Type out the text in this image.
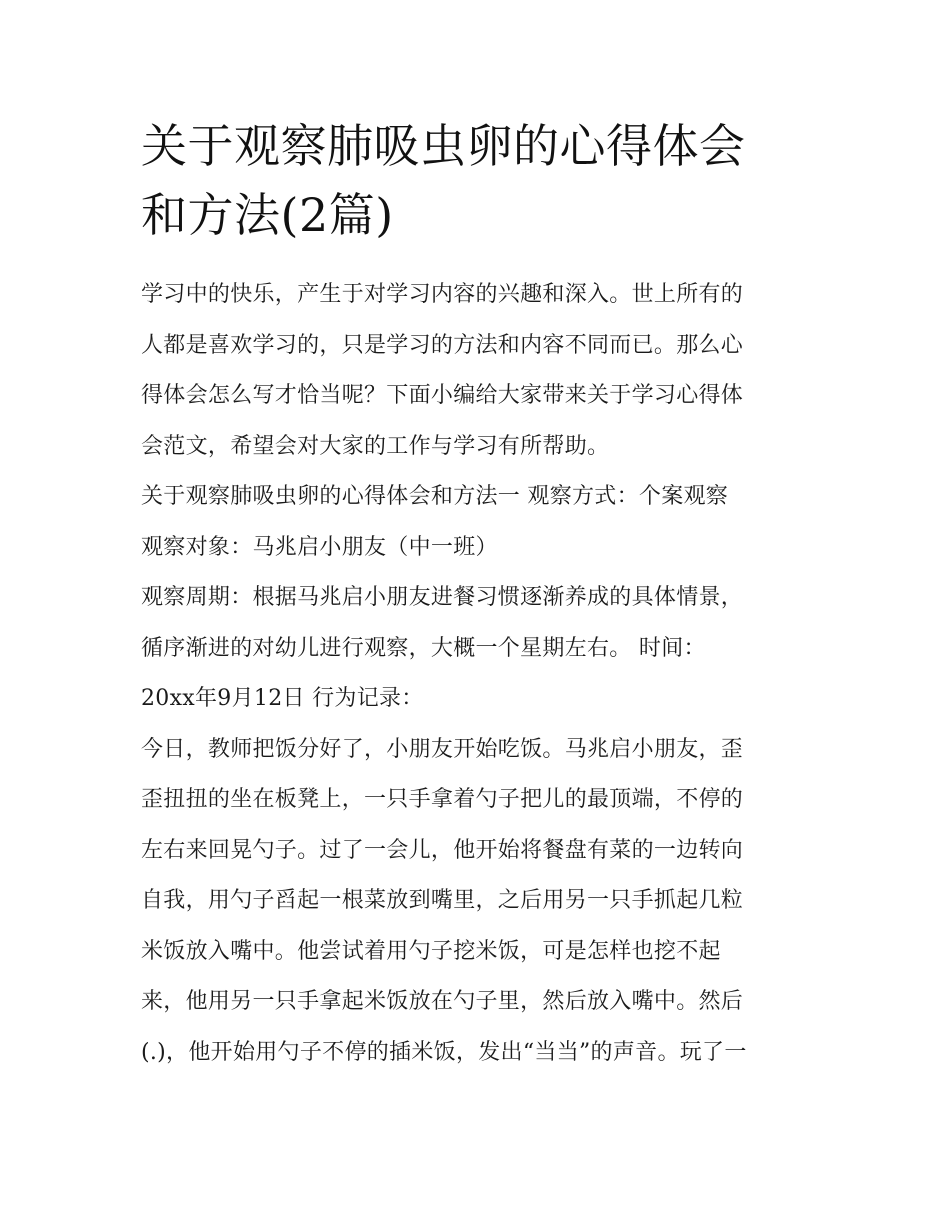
关于观察肺吸虫卵的心得体会
和方法(2篇)

学习中的快乐，产生于对学习内容的兴趣和深入。世上所有的
人都是喜欢学习的，只是学习的方法和内容不同而已。那么心
得体会怎么写才恰当呢？下面小编给大家带来关于学习心得体
会范文，希望会对大家的工作与学习有所帮助。

关于观察肺吸虫卵的心得体会和方法一 观察方式：个案观察

观察对象：马兆启小朋友（中一班）

观察周期：根据马兆启小朋友进餐习惯逐渐养成的具体情景，
循序渐进的对幼儿进行观察，大概一个星期左右。 时间：
20xx年9月12日 行为记录：

今日，教师把饭分好了，小朋友开始吃饭。马兆启小朋友，歪
歪扭扭的坐在板凳上，一只手拿着勺子把儿的最顶端，不停的
左右来回晃勺子。过了一会儿，他开始将餐盘有菜的一边转向
自我，用勺子舀起一根菜放到嘴里，之后用另一只手抓起几粒
米饭放入嘴中。他尝试着用勺子挖米饭，可是怎样也挖不起
来，他用另一只手拿起米饭放在勺子里，然后放入嘴中。然后
(.)，他开始用勺子不停的插米饭，发出“当当”的声音。玩了一
